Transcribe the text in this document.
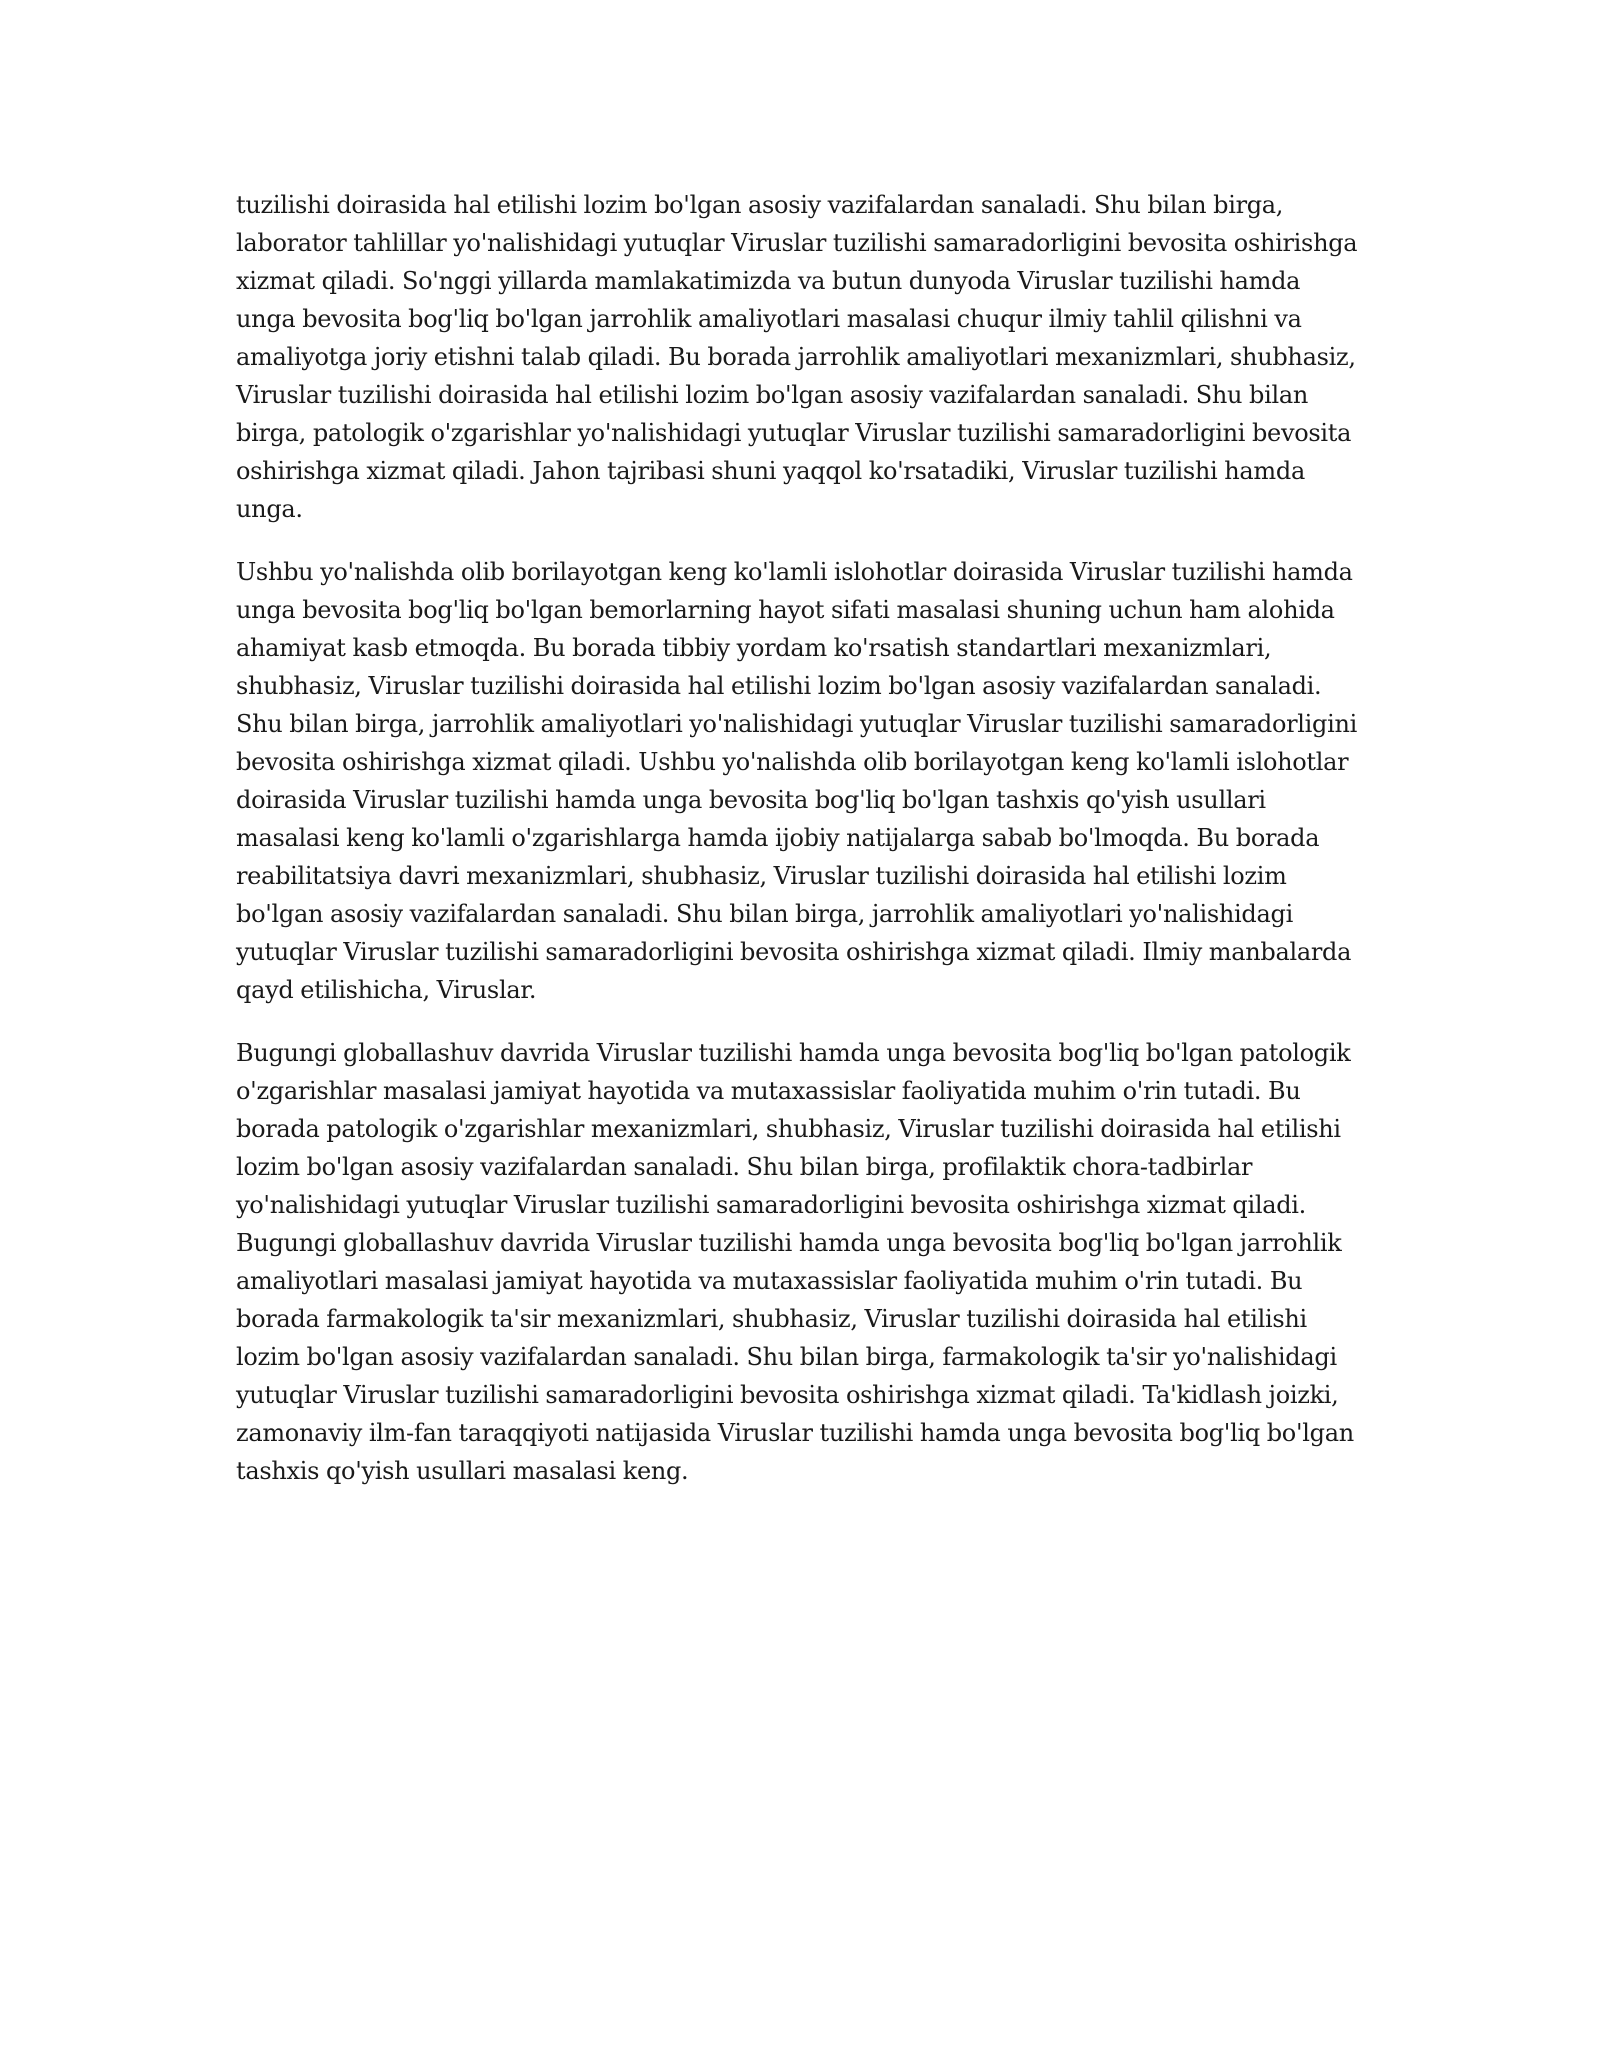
tuzilishi doirasida hal etilishi lozim bo'lgan asosiy vazifalardan sanaladi. Shu bilan birga, laborator tahlillar yo'nalishidagi yutuqlar Viruslar tuzilishi samaradorligini bevosita oshirishga xizmat qiladi. So'nggi yillarda mamlakatimizda va butun dunyoda Viruslar tuzilishi hamda unga bevosita bog'liq bo'lgan jarrohlik amaliyotlari masalasi chuqur ilmiy tahlil qilishni va amaliyotga joriy etishni talab qiladi. Bu borada jarrohlik amaliyotlari mexanizmlari, shubhasiz, Viruslar tuzilishi doirasida hal etilishi lozim bo'lgan asosiy vazifalardan sanaladi. Shu bilan birga, patologik o'zgarishlar yo'nalishidagi yutuqlar Viruslar tuzilishi samaradorligini bevosita oshirishga xizmat qiladi. Jahon tajribasi shuni yaqqol ko'rsatadiki, Viruslar tuzilishi hamda unga.

Ushbu yo'nalishda olib borilayotgan keng ko'lamli islohotlar doirasida Viruslar tuzilishi hamda unga bevosita bog'liq bo'lgan bemorlarning hayot sifati masalasi shuning uchun ham alohida ahamiyat kasb etmoqda. Bu borada tibbiy yordam ko'rsatish standartlari mexanizmlari, shubhasiz, Viruslar tuzilishi doirasida hal etilishi lozim bo'lgan asosiy vazifalardan sanaladi. Shu bilan birga, jarrohlik amaliyotlari yo'nalishidagi yutuqlar Viruslar tuzilishi samaradorligini bevosita oshirishga xizmat qiladi. Ushbu yo'nalishda olib borilayotgan keng ko'lamli islohotlar doirasida Viruslar tuzilishi hamda unga bevosita bog'liq bo'lgan tashxis qo'yish usullari masalasi keng ko'lamli o'zgarishlarga hamda ijobiy natijalarga sabab bo'lmoqda. Bu borada reabilitatsiya davri mexanizmlari, shubhasiz, Viruslar tuzilishi doirasida hal etilishi lozim bo'lgan asosiy vazifalardan sanaladi. Shu bilan birga, jarrohlik amaliyotlari yo'nalishidagi yutuqlar Viruslar tuzilishi samaradorligini bevosita oshirishga xizmat qiladi. Ilmiy manbalarda qayd etilishicha, Viruslar.

Bugungi globallashuv davrida Viruslar tuzilishi hamda unga bevosita bog'liq bo'lgan patologik o'zgarishlar masalasi jamiyat hayotida va mutaxassislar faoliyatida muhim o'rin tutadi. Bu borada patologik o'zgarishlar mexanizmlari, shubhasiz, Viruslar tuzilishi doirasida hal etilishi lozim bo'lgan asosiy vazifalardan sanaladi. Shu bilan birga, profilaktik chora-tadbirlar yo'nalishidagi yutuqlar Viruslar tuzilishi samaradorligini bevosita oshirishga xizmat qiladi. Bugungi globallashuv davrida Viruslar tuzilishi hamda unga bevosita bog'liq bo'lgan jarrohlik amaliyotlari masalasi jamiyat hayotida va mutaxassislar faoliyatida muhim o'rin tutadi. Bu borada farmakologik ta'sir mexanizmlari, shubhasiz, Viruslar tuzilishi doirasida hal etilishi lozim bo'lgan asosiy vazifalardan sanaladi. Shu bilan birga, farmakologik ta'sir yo'nalishidagi yutuqlar Viruslar tuzilishi samaradorligini bevosita oshirishga xizmat qiladi. Ta'kidlash joizki, zamonaviy ilm-fan taraqqiyoti natijasida Viruslar tuzilishi hamda unga bevosita bog'liq bo'lgan tashxis qo'yish usullari masalasi keng.
